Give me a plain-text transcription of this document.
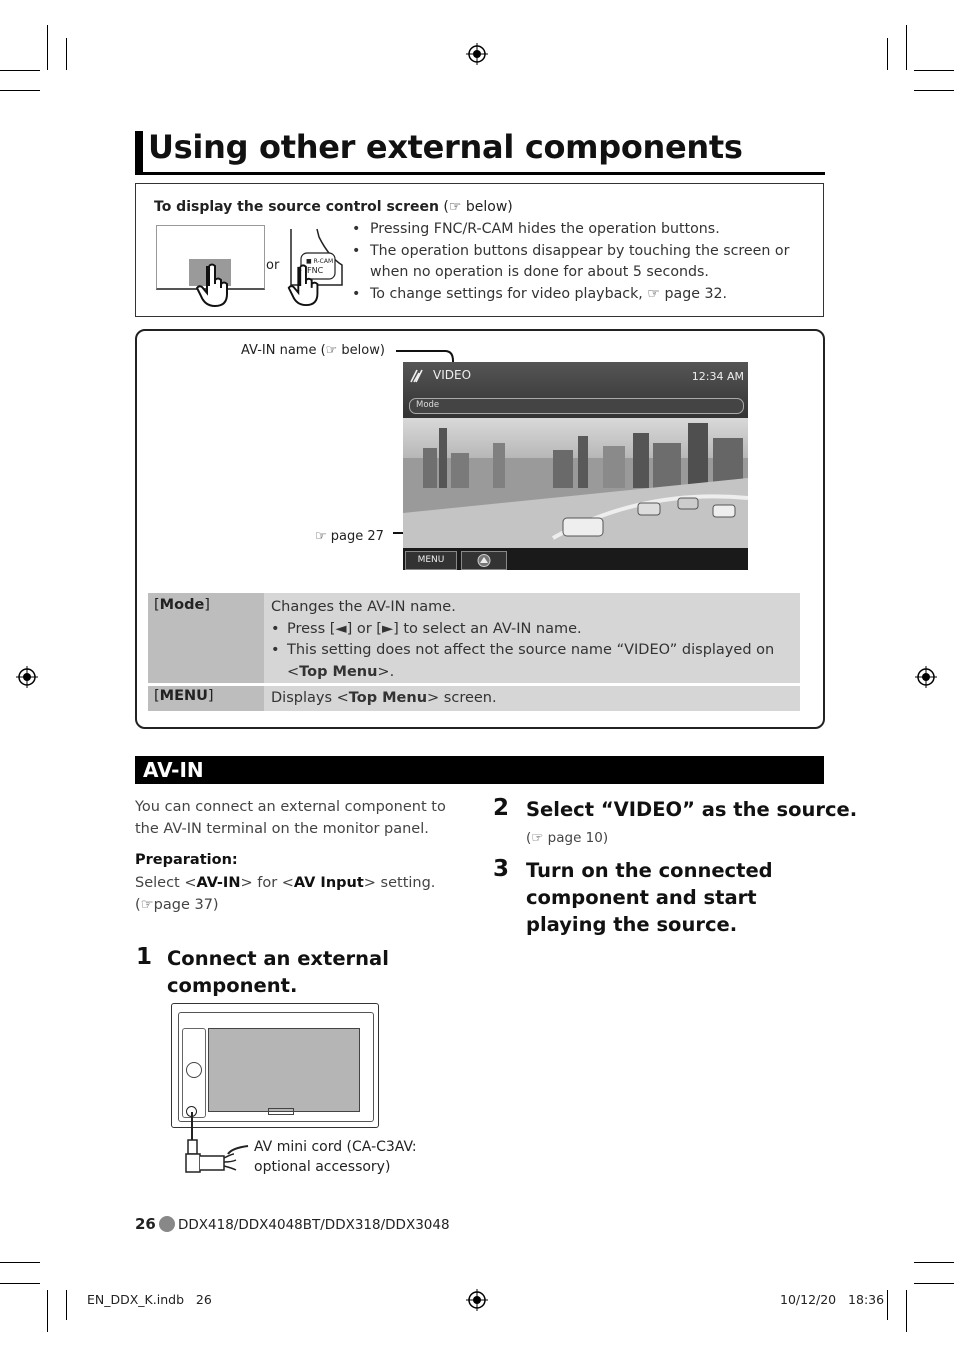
Using other external components
To display the source control screen (☞ below)
or	■ R-CAM
FNC
• Pressing FNC/R-CAM hides the operation buttons.
• The operation buttons disappear by touching the screen or when no operation is done for about 5 seconds.
• To change settings for video playback, ☞ page 32.
AV-IN name (☞ below)
☞ page 27
VIDEO	12:34 AM
Mode
MENU
[Mode]	Changes the AV-IN name.
• Press [◄] or [►] to select an AV-IN name.
• This setting does not affect the source name “VIDEO” displayed on <Top Menu>.
[MENU]	Displays <Top Menu> screen.
AV-IN
You can connect an external component to the AV-IN terminal on the monitor panel.
Preparation:
Select <AV-IN> for <AV Input> setting.
(☞page 37)
1 Connect an external component.
AV mini cord (CA-C3AV: optional accessory)
2 Select “VIDEO” as the source.
(☞ page 10)
3 Turn on the connected component and start playing the source.
26 DDX418/DDX4048BT/DDX318/DDX3048
EN_DDX_K.indb   26	10/12/20   18:36
